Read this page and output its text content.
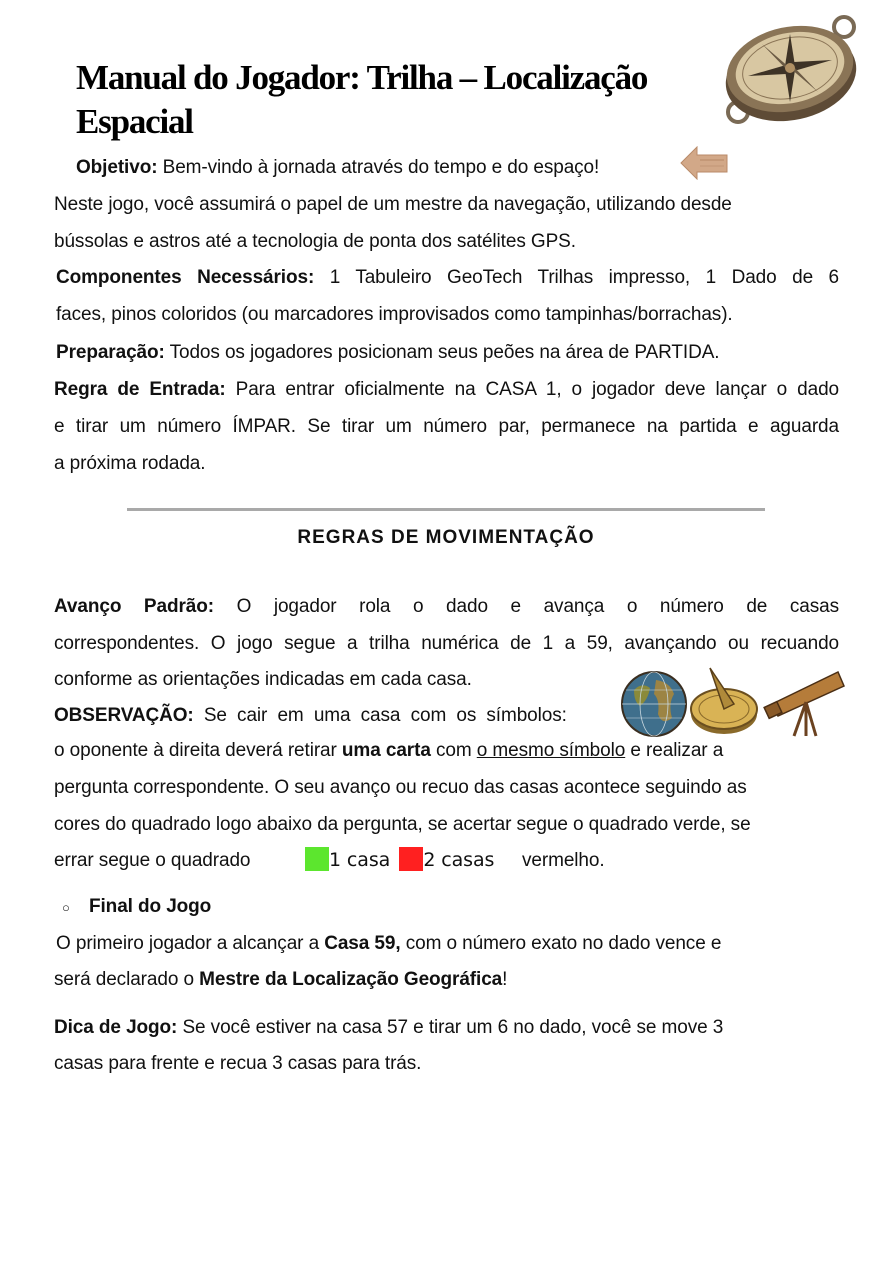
Manual do Jogador: Trilha – Localização
Espacial
Objetivo: Bem-vindo à jornada através do tempo e do espaço!
Neste jogo, você assumirá o papel de um mestre da navegação, utilizando desde
bússolas e astros até a tecnologia de ponta dos satélites GPS.
Componentes Necessários: 1 Tabuleiro GeoTech Trilhas impresso, 1 Dado de 6
faces, pinos coloridos (ou marcadores improvisados como tampinhas/borrachas).
Preparação: Todos os jogadores posicionam seus peões na área de PARTIDA.
Regra de Entrada: Para entrar oficialmente na CASA 1, o jogador deve lançar o dado
e tirar um número ÍMPAR. Se tirar um número par, permanece na partida e aguarda
a próxima rodada.
REGRAS DE MOVIMENTAÇÃO
Avanço Padrão: O jogador rola o dado e avança o número de casas
correspondentes. O jogo segue a trilha numérica de 1 a 59, avançando ou recuando
conforme as orientações indicadas em cada casa.
OBSERVAÇÃO: Se cair em uma casa com os símbolos:
o oponente à direita deverá retirar uma carta com o mesmo símbolo e realizar a
pergunta correspondente. O seu avanço ou recuo das casas acontece seguindo as
cores do quadrado logo abaixo da pergunta, se acertar segue o quadrado verde, se
errar segue o quadrado	1 casa 2 casas vermelho.
○ Final do Jogo
O primeiro jogador a alcançar a Casa 59, com o número exato no dado vence e
será declarado o Mestre da Localização Geográfica!
Dica de Jogo: Se você estiver na casa 57 e tirar um 6 no dado, você se move 3
casas para frente e recua 3 casas para trás.
